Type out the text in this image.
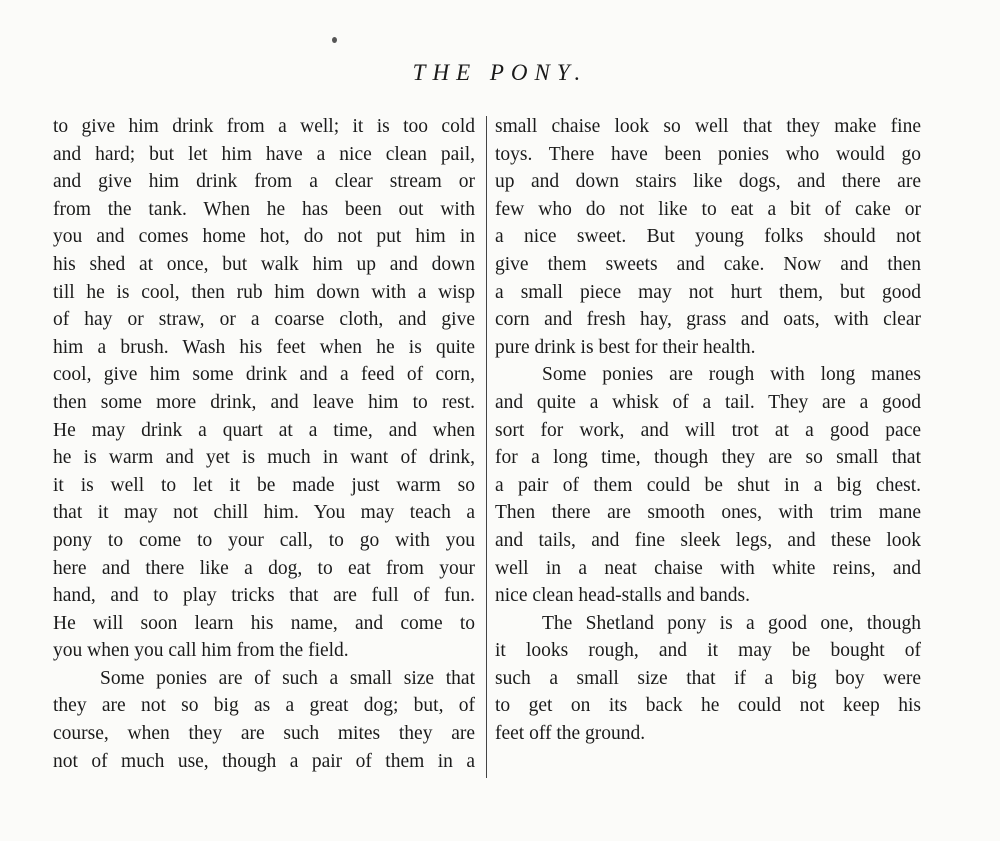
THE PONY.
to give him drink from a well; it is too cold
and hard; but let him have a nice clean pail,
and give him drink from a clear stream or
from the tank. When he has been out with
you and comes home hot, do not put him in
his shed at once, but walk him up and down
till he is cool, then rub him down with a wisp
of hay or straw, or a coarse cloth, and give
him a brush. Wash his feet when he is quite
cool, give him some drink and a feed of corn,
then some more drink, and leave him to rest.
He may drink a quart at a time, and when
he is warm and yet is much in want of drink,
it is well to let it be made just warm so
that it may not chill him. You may teach a
pony to come to your call, to go with you
here and there like a dog, to eat from your
hand, and to play tricks that are full of fun.
He will soon learn his name, and come to
you when you call him from the field.
Some ponies are of such a small size that
they are not so big as a great dog; but, of
course, when they are such mites they are
not of much use, though a pair of them in a
small chaise look so well that they make fine
toys. There have been ponies who would go
up and down stairs like dogs, and there are
few who do not like to eat a bit of cake or
a nice sweet. But young folks should not
give them sweets and cake. Now and then
a small piece may not hurt them, but good
corn and fresh hay, grass and oats, with clear
pure drink is best for their health.
Some ponies are rough with long manes
and quite a whisk of a tail. They are a good
sort for work, and will trot at a good pace
for a long time, though they are so small that
a pair of them could be shut in a big chest.
Then there are smooth ones, with trim mane
and tails, and fine sleek legs, and these look
well in a neat chaise with white reins, and
nice clean head-stalls and bands.
The Shetland pony is a good one, though
it looks rough, and it may be bought of
such a small size that if a big boy were
to get on its back he could not keep his
feet off the ground.
